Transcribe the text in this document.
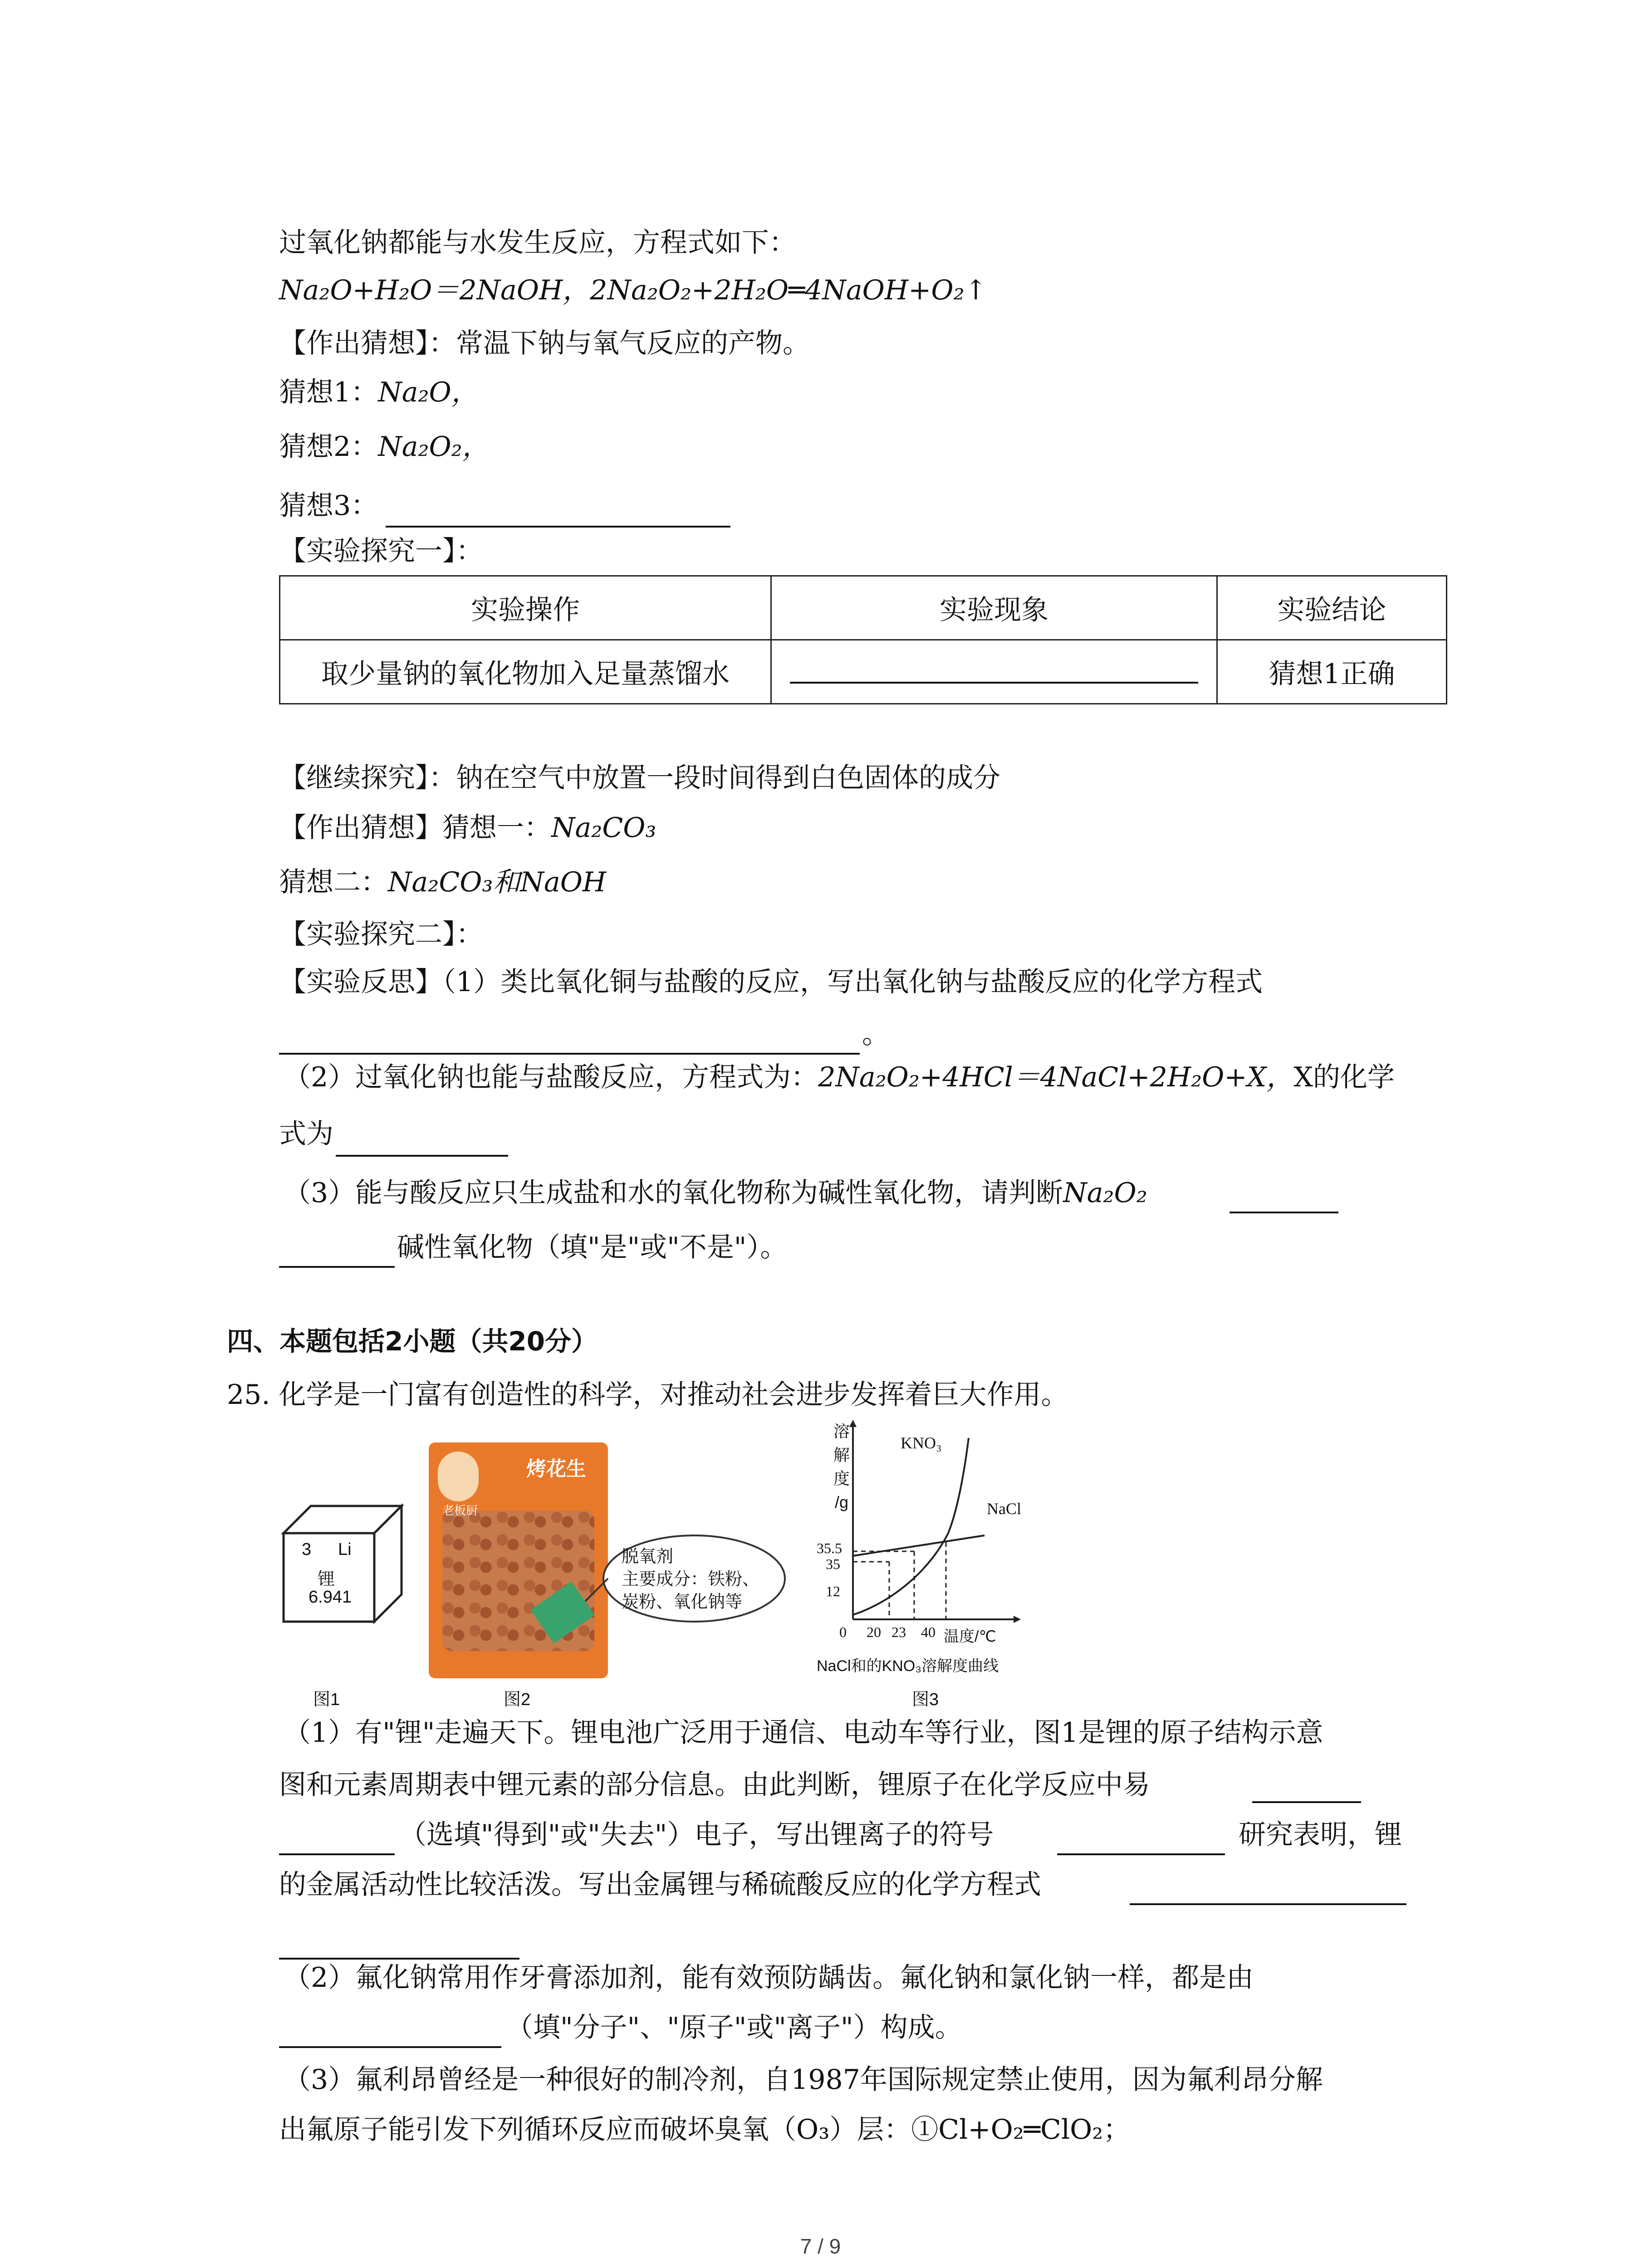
过氧化钠都能与水发生反应，方程式如下：
Na₂O+H₂O＝2NaOH，2Na₂O₂+2H₂O═4NaOH+O₂↑
【作出猜想】：常温下钠与氧气反应的产物。
猜想1：Na₂O，
猜想2：Na₂O₂，
猜想3：
【实验探究一】：
实验操作	实验现象	实验结论
取少量钠的氧化物加入足量蒸馏水		猜想1正确
【继续探究】：钠在空气中放置一段时间得到白色固体的成分
【作出猜想】猜想一：Na₂CO₃
猜想二：Na₂CO₃和NaOH
【实验探究二】：
【实验反思】（1）类比氧化铜与盐酸的反应，写出氧化钠与盐酸反应的化学方程式
。
（2）过氧化钠也能与盐酸反应，方程式为：2Na₂O₂+4HCl＝4NaCl+2H₂O+X，X的化学
式为
（3）能与酸反应只生成盐和水的氧化物称为碱性氧化物，请判断Na₂O₂
碱性氧化物（填"是"或"不是"）。
四、本题包括2小题（共20分）
25. 化学是一门富有创造性的科学，对推动社会进步发挥着巨大作用。
3 Li
锂
6.941
图1
老板厨
烤花生
脱氧剂
主要成分：铁粉、
炭粉、氧化钠等
图2
溶
解
度
/g
KNO₃
NaCl
35.5
35
12
0 20 23 40 温度/℃
NaCl和的KNO₃溶解度曲线
图3
（1）有"锂"走遍天下。锂电池广泛用于通信、电动车等行业，图1是锂的原子结构示意
图和元素周期表中锂元素的部分信息。由此判断，锂原子在化学反应中易
（选填"得到"或"失去"）电子，写出锂离子的符号	研究表明，锂
的金属活动性比较活泼。写出金属锂与稀硫酸反应的化学方程式
（2）氟化钠常用作牙膏添加剂，能有效预防龋齿。氟化钠和氯化钠一样，都是由
（填"分子"、"原子"或"离子"）构成。
（3）氟利昂曾经是一种很好的制冷剂，自1987年国际规定禁止使用，因为氟利昂分解
出氟原子能引发下列循环反应而破坏臭氧（O₃）层：①Cl+O₂═ClO₂；
7 / 9
